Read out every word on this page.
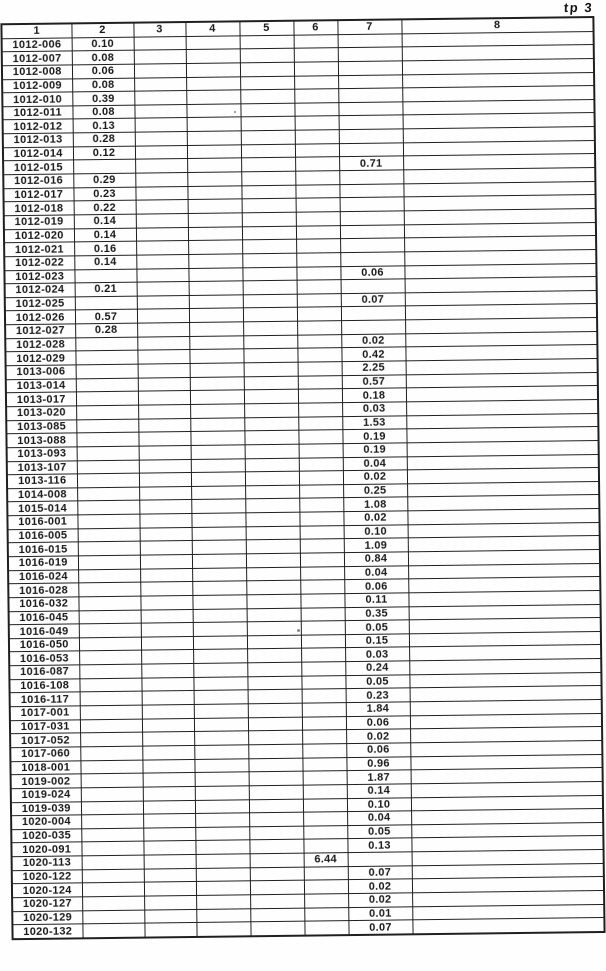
tp 3
1	2	3	4	5	6	7	8
1012-006	0.10						
1012-007	0.08						
1012-008	0.06						
1012-009	0.08						
1012-010	0.39						
1012-011	0.08						
1012-012	0.13						
1012-013	0.28						
1012-014	0.12						
1012-015						0.71	
1012-016	0.29						
1012-017	0.23						
1012-018	0.22						
1012-019	0.14						
1012-020	0.14						
1012-021	0.16						
1012-022	0.14						
1012-023						0.06	
1012-024	0.21						
1012-025						0.07	
1012-026	0.57						
1012-027	0.28						
1012-028						0.02	
1012-029						0.42	
1013-006						2.25	
1013-014						0.57	
1013-017						0.18	
1013-020						0.03	
1013-085						1.53	
1013-088						0.19	
1013-093						0.19	
1013-107						0.04	
1013-116						0.02	
1014-008						0.25	
1015-014						1.08	
1016-001						0.02	
1016-005						0.10	
1016-015						1.09	
1016-019						0.84	
1016-024						0.04	
1016-028						0.06	
1016-032						0.11	
1016-045						0.35	
1016-049						0.05	
1016-050						0.15	
1016-053						0.03	
1016-087						0.24	
1016-108						0.05	
1016-117						0.23	
1017-001						1.84	
1017-031						0.06	
1017-052						0.02	
1017-060						0.06	
1018-001						0.96	
1019-002						1.87	
1019-024						0.14	
1019-039						0.10	
1020-004						0.04	
1020-035						0.05	
1020-091						0.13	
1020-113					6.44		
1020-122						0.07	
1020-124						0.02	
1020-127						0.02	
1020-129						0.01	
1020-132						0.07	
